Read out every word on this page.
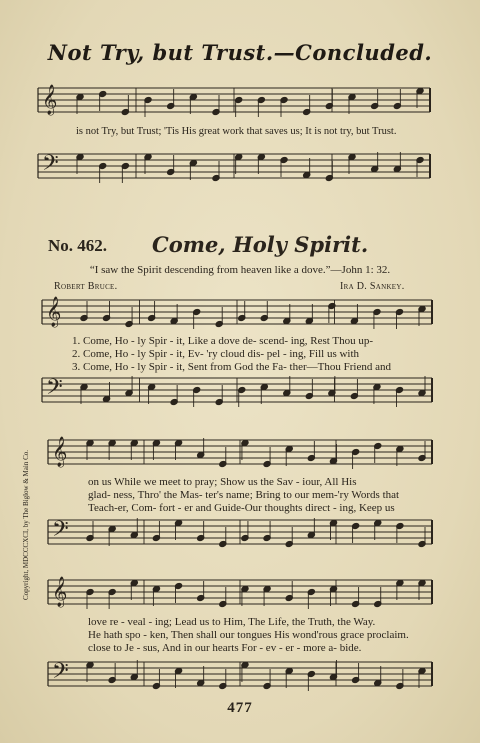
𝄞
𝄢
𝄞
𝄢
𝄞
𝄢
𝄞
𝄢
Not Try, but Trust.—Concluded.
is not Try, but Trust; 'Tis His great work that saves us; It is not try, but Trust.
No. 462. Come, Holy Spirit.
“I saw the Spirit descending from heaven like a dove.”—John 1: 32.
Robert Bruce.	Ira D. Sankey.
1. Come, Ho - ly Spir - it, Like a dove de- scend- ing, Rest Thou up-
2. Come, Ho - ly Spir - it, Ev- 'ry cloud dis- pel - ing, Fill us with
3. Come, Ho - ly Spir - it, Sent from God the Fa- ther—Thou Friend and
on us While we meet to pray; Show us the Sav - iour, All His
glad- ness, Thro' the Mas- ter's name; Bring to our mem-'ry Words that
Teach-er, Com- fort - er and Guide-Our thoughts direct - ing, Keep us
love re - veal - ing; Lead us to Him, The Life, the Truth, the Way.
He hath spo - ken, Then shall our tongues His wond'rous grace proclaim.
close to Je - sus, And in our hearts For - ev - er - more a- bide.
Copyright, MDCCCXCI, by The Biglow & Main Co.
477
